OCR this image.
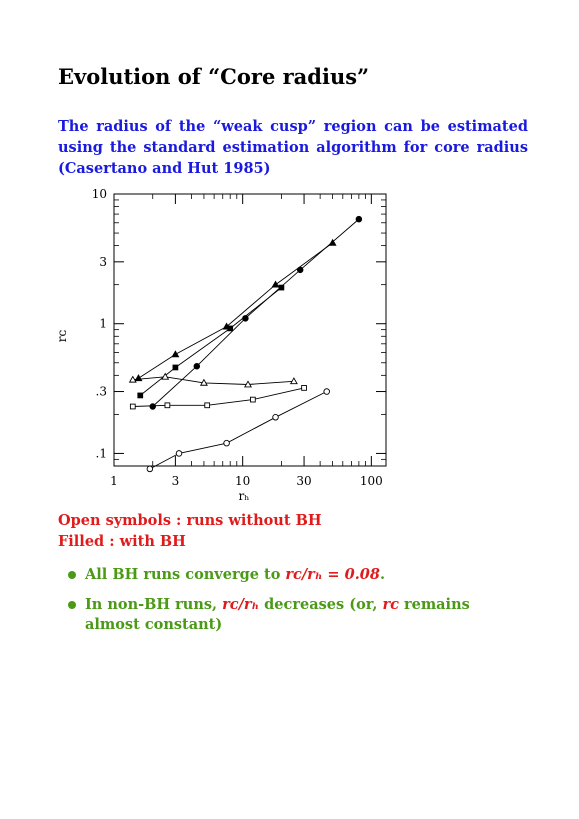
Evolution of “Core radius”

The radius of the “weak cusp” region can be estimated using the standard estimation algorithm for core radius (Casertano and Hut 1985)

1	3	10	30	100
.1
.3
1
3
10
rₕ
rᴄ
Open symbols : runs without BH
Filled : with BH
All BH runs converge to rᴄ/rₕ = 0.08.
In non-BH runs, rᴄ/rₕ decreases (or, rᴄ remains almost constant)
